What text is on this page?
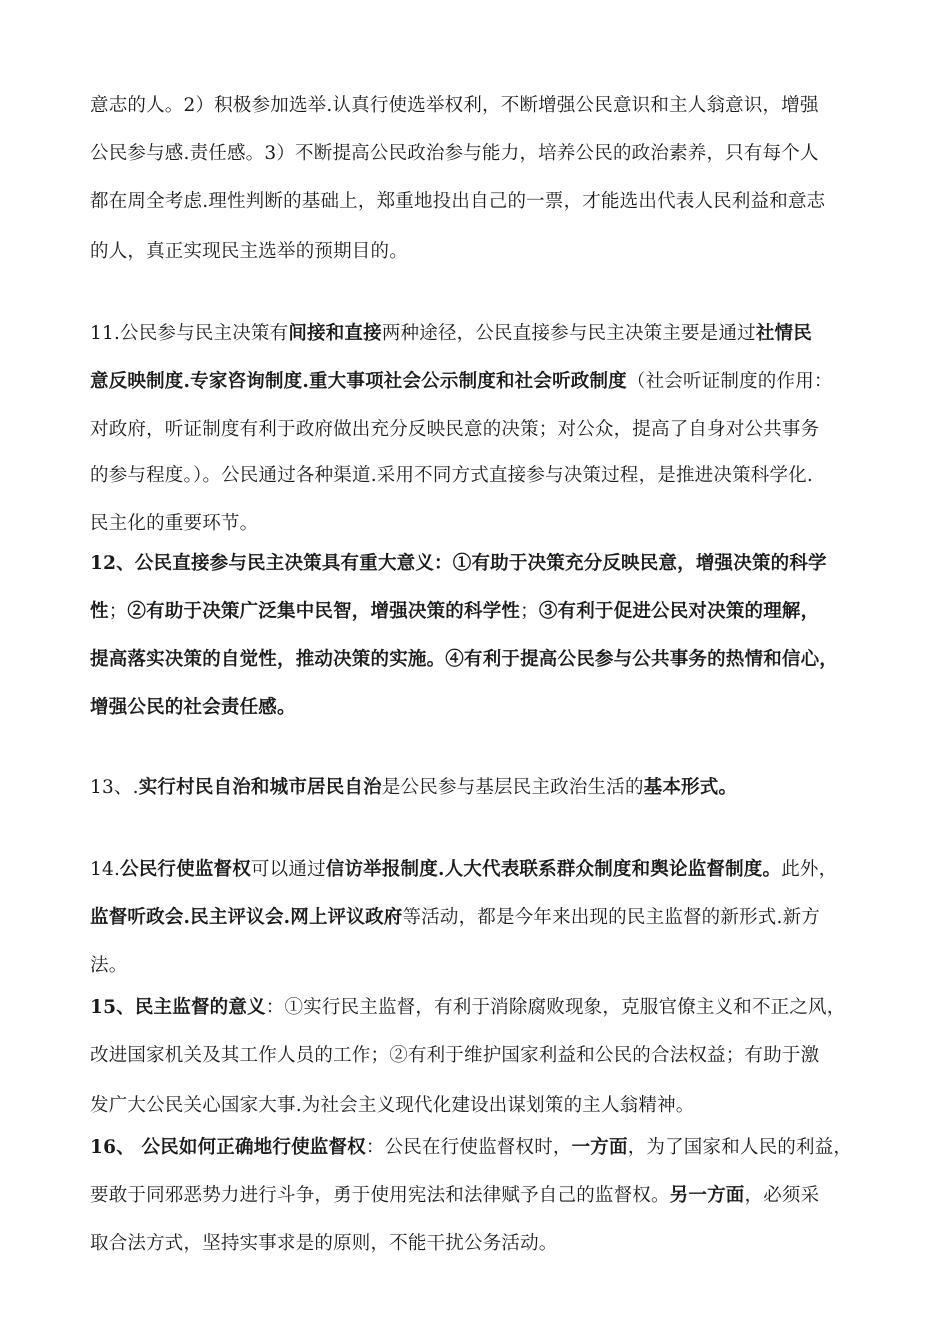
意志的人。2）积极参加选举.认真行使选举权利，不断增强公民意识和主人翁意识，增强
公民参与感.责任感。3）不断提高公民政治参与能力，培养公民的政治素养，只有每个人
都在周全考虑.理性判断的基础上，郑重地投出自己的一票，才能选出代表人民利益和意志
的人，真正实现民主选举的预期目的。
11.公民参与民主决策有间接和直接两种途径，公民直接参与民主决策主要是通过社情民
意反映制度.专家咨询制度.重大事项社会公示制度和社会听政制度（社会听证制度的作用：
对政府，听证制度有利于政府做出充分反映民意的决策；对公众，提高了自身对公共事务
的参与程度。）。公民通过各种渠道.采用不同方式直接参与决策过程，是推进决策科学化.
民主化的重要环节。
12、公民直接参与民主决策具有重大意义：①有助于决策充分反映民意，增强决策的科学
性；②有助于决策广泛集中民智，增强决策的科学性；③有利于促进公民对决策的理解，
提高落实决策的自觉性，推动决策的实施。④有利于提高公民参与公共事务的热情和信心，
增强公民的社会责任感。
13、.实行村民自治和城市居民自治是公民参与基层民主政治生活的基本形式。
14.公民行使监督权可以通过信访举报制度.人大代表联系群众制度和舆论监督制度。此外，
监督听政会.民主评议会.网上评议政府等活动，都是今年来出现的民主监督的新形式.新方
法。
15、民主监督的意义：①实行民主监督，有利于消除腐败现象，克服官僚主义和不正之风，
改进国家机关及其工作人员的工作；②有利于维护国家利益和公民的合法权益；有助于激
发广大公民关心国家大事.为社会主义现代化建设出谋划策的主人翁精神。
16、 公民如何正确地行使监督权：公民在行使监督权时，一方面，为了国家和人民的利益，
要敢于同邪恶势力进行斗争，勇于使用宪法和法律赋予自己的监督权。另一方面，必须采
取合法方式，坚持实事求是的原则，不能干扰公务活动。
